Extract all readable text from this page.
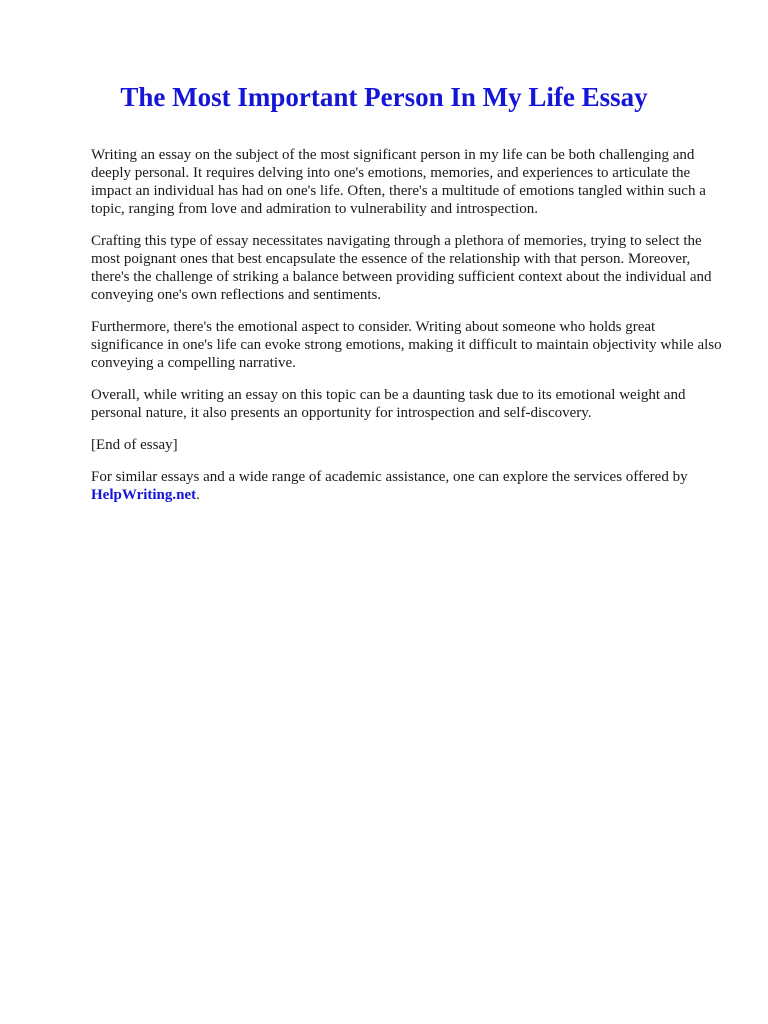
The Most Important Person In My Life Essay

Writing an essay on the subject of the most significant person in my life can be both challenging and deeply personal. It requires delving into one's emotions, memories, and experiences to articulate the impact an individual has had on one's life. Often, there's a multitude of emotions tangled within such a topic, ranging from love and admiration to vulnerability and introspection.

Crafting this type of essay necessitates navigating through a plethora of memories, trying to select the most poignant ones that best encapsulate the essence of the relationship with that person. Moreover, there's the challenge of striking a balance between providing sufficient context about the individual and conveying one's own reflections and sentiments.

Furthermore, there's the emotional aspect to consider. Writing about someone who holds great significance in one's life can evoke strong emotions, making it difficult to maintain objectivity while also conveying a compelling narrative.

Overall, while writing an essay on this topic can be a daunting task due to its emotional weight and personal nature, it also presents an opportunity for introspection and self-discovery.

[End of essay]

For similar essays and a wide range of academic assistance, one can explore the services offered by
HelpWriting.net.
